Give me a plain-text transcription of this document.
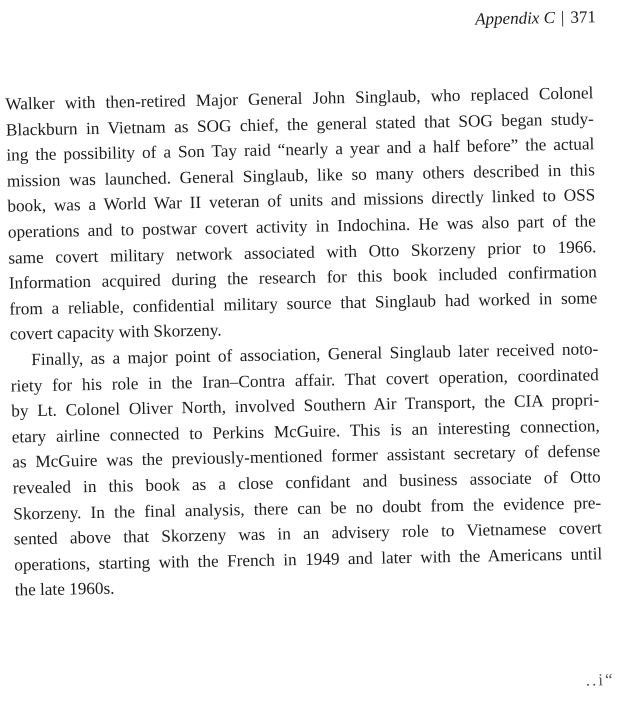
Appendix C | 371
Walker with then-retired Major General John Singlaub, who replaced Colonel
Blackburn in Vietnam as SOG chief, the general stated that SOG began study-
ing the possibility of a Son Tay raid “nearly a year and a half before” the actual
mission was launched. General Singlaub, like so many others described in this
book, was a World War II veteran of units and missions directly linked to OSS
operations and to postwar covert activity in Indochina. He was also part of the
same covert military network associated with Otto Skorzeny prior to 1966.
Information acquired during the research for this book included confirmation
from a reliable, confidential military source that Singlaub had worked in some
covert capacity with Skorzeny.
Finally, as a major point of association, General Singlaub later received noto-
riety for his role in the Iran–Contra affair. That covert operation, coordinated
by Lt. Colonel Oliver North, involved Southern Air Transport, the CIA propri-
etary airline connected to Perkins McGuire. This is an interesting connection,
as McGuire was the previously-mentioned former assistant secretary of defense
revealed in this book as a close confidant and business associate of Otto
Skorzeny. In the final analysis, there can be no doubt from the evidence pre-
sented above that Skorzeny was in an advisery role to Vietnamese covert
operations, starting with the French in 1949 and later with the Americans until
the late 1960s.
..i“
